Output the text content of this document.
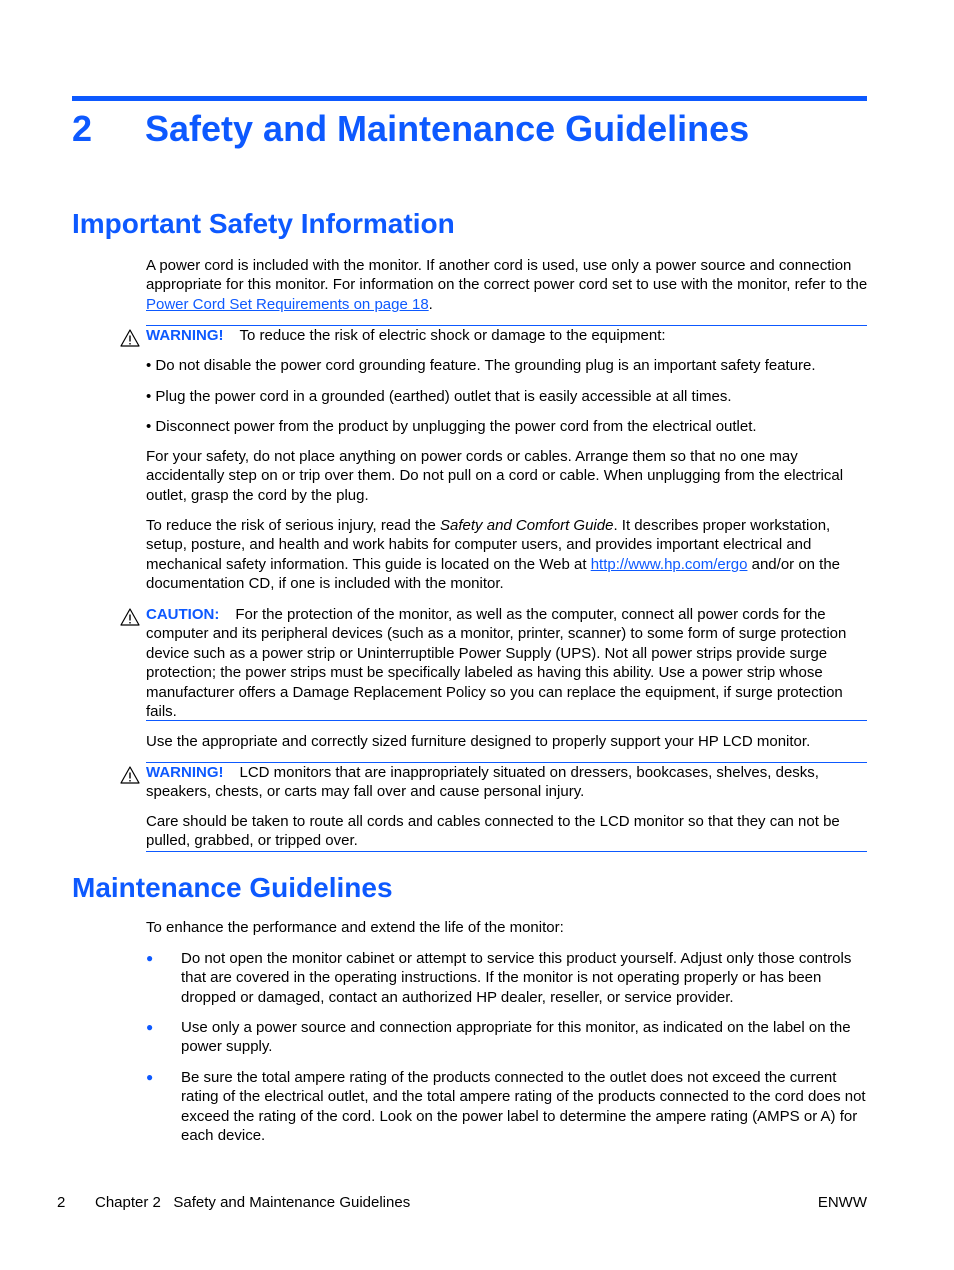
2 Safety and Maintenance Guidelines
Important Safety Information

A power cord is included with the monitor. If another cord is used, use only a power source and connection appropriate for this monitor. For information on the correct power cord set to use with the monitor, refer to the Power Cord Set Requirements on page 18.

WARNING! To reduce the risk of electric shock or damage to the equipment:

• Do not disable the power cord grounding feature. The grounding plug is an important safety feature.

• Plug the power cord in a grounded (earthed) outlet that is easily accessible at all times.

• Disconnect power from the product by unplugging the power cord from the electrical outlet.

For your safety, do not place anything on power cords or cables. Arrange them so that no one may accidentally step on or trip over them. Do not pull on a cord or cable. When unplugging from the electrical outlet, grasp the cord by the plug.

To reduce the risk of serious injury, read the Safety and Comfort Guide. It describes proper workstation, setup, posture, and health and work habits for computer users, and provides important electrical and mechanical safety information. This guide is located on the Web at http://www.hp.com/ergo and/or on the documentation CD, if one is included with the monitor.

CAUTION: For the protection of the monitor, as well as the computer, connect all power cords for the computer and its peripheral devices (such as a monitor, printer, scanner) to some form of surge protection device such as a power strip or Uninterruptible Power Supply (UPS). Not all power strips provide surge protection; the power strips must be specifically labeled as having this ability. Use a power strip whose manufacturer offers a Damage Replacement Policy so you can replace the equipment, if surge protection fails.

Use the appropriate and correctly sized furniture designed to properly support your HP LCD monitor.

WARNING! LCD monitors that are inappropriately situated on dressers, bookcases, shelves, desks, speakers, chests, or carts may fall over and cause personal injury.

Care should be taken to route all cords and cables connected to the LCD monitor so that they can not be pulled, grabbed, or tripped over.

Maintenance Guidelines

To enhance the performance and extend the life of the monitor:

● Do not open the monitor cabinet or attempt to service this product yourself. Adjust only those controls that are covered in the operating instructions. If the monitor is not operating properly or has been dropped or damaged, contact an authorized HP dealer, reseller, or service provider.

● Use only a power source and connection appropriate for this monitor, as indicated on the label on the power supply.

● Be sure the total ampere rating of the products connected to the outlet does not exceed the current rating of the electrical outlet, and the total ampere rating of the products connected to the cord does not exceed the rating of the cord. Look on the power label to determine the ampere rating (AMPS or A) for each device.

2 Chapter 2   Safety and Maintenance Guidelines	ENWW
